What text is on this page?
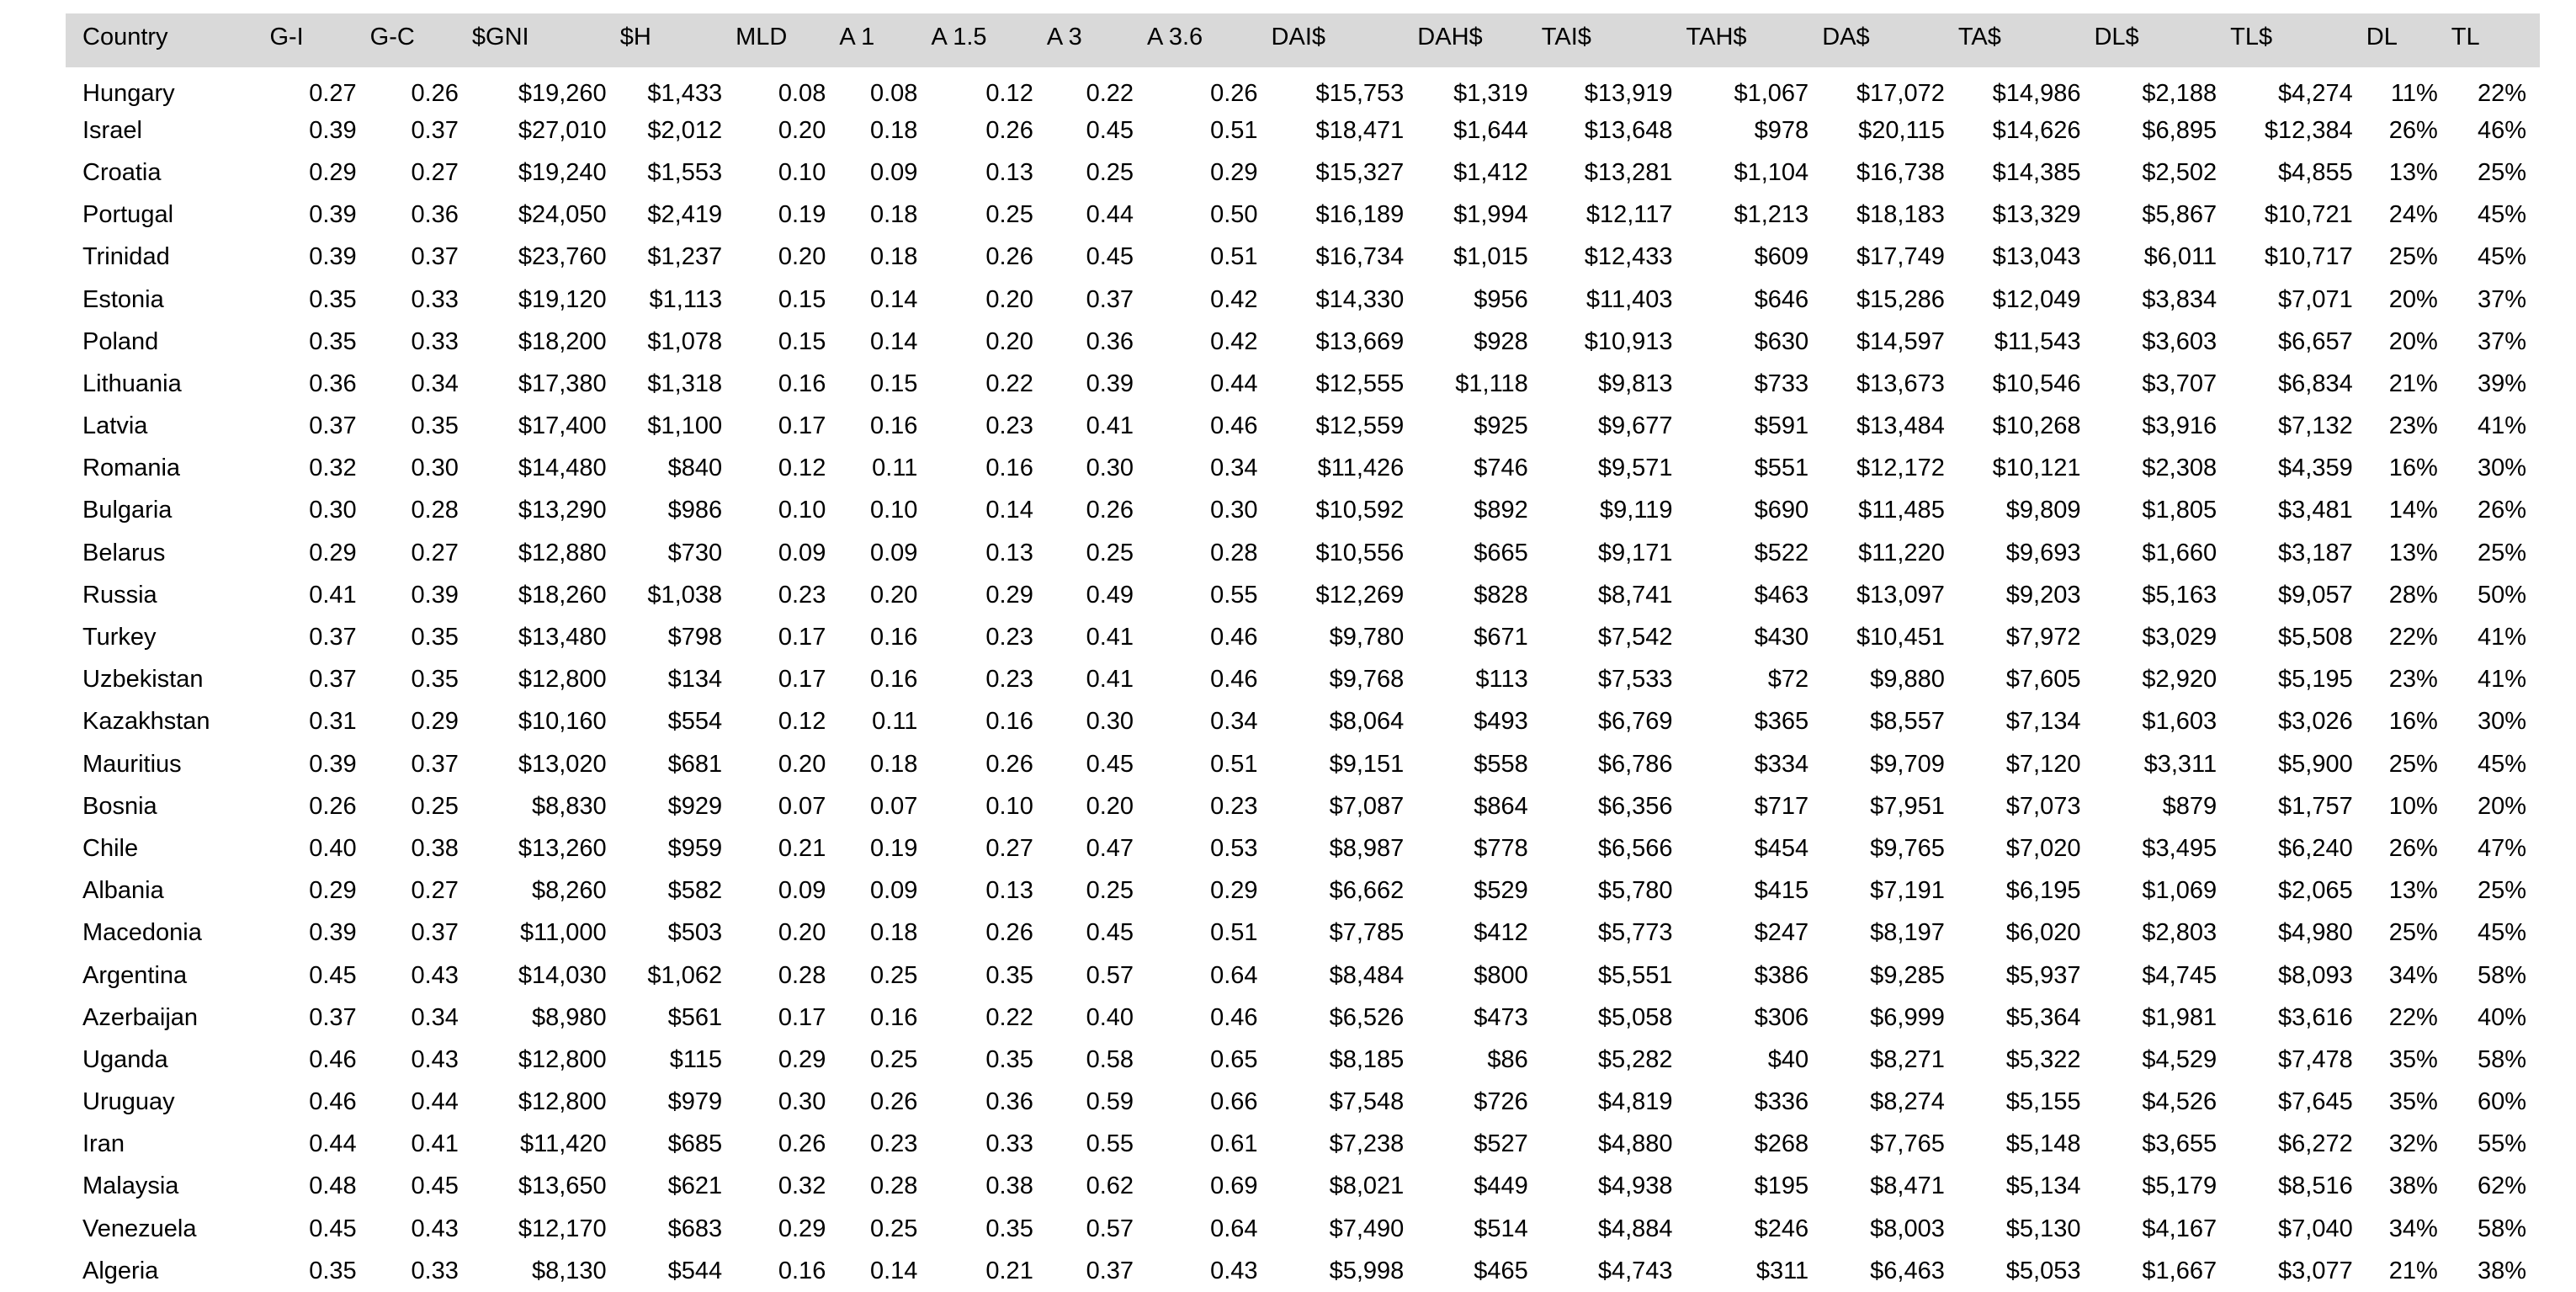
Country	G-I	G-C	$GNI	$H	MLD	A 1	A 1.5	A 3	A 3.6	DAI$	DAH$	TAI$	TAH$	DA$	TA$	DL$	TL$	DL	TL
Hungary	0.27	0.26	$19,260	$1,433	0.08	0.08	0.12	0.22	0.26	$15,753	$1,319	$13,919	$1,067	$17,072	$14,986	$2,188	$4,274	11%	22%
Israel	0.39	0.37	$27,010	$2,012	0.20	0.18	0.26	0.45	0.51	$18,471	$1,644	$13,648	$978	$20,115	$14,626	$6,895	$12,384	26%	46%
Croatia	0.29	0.27	$19,240	$1,553	0.10	0.09	0.13	0.25	0.29	$15,327	$1,412	$13,281	$1,104	$16,738	$14,385	$2,502	$4,855	13%	25%
Portugal	0.39	0.36	$24,050	$2,419	0.19	0.18	0.25	0.44	0.50	$16,189	$1,994	$12,117	$1,213	$18,183	$13,329	$5,867	$10,721	24%	45%
Trinidad	0.39	0.37	$23,760	$1,237	0.20	0.18	0.26	0.45	0.51	$16,734	$1,015	$12,433	$609	$17,749	$13,043	$6,011	$10,717	25%	45%
Estonia	0.35	0.33	$19,120	$1,113	0.15	0.14	0.20	0.37	0.42	$14,330	$956	$11,403	$646	$15,286	$12,049	$3,834	$7,071	20%	37%
Poland	0.35	0.33	$18,200	$1,078	0.15	0.14	0.20	0.36	0.42	$13,669	$928	$10,913	$630	$14,597	$11,543	$3,603	$6,657	20%	37%
Lithuania	0.36	0.34	$17,380	$1,318	0.16	0.15	0.22	0.39	0.44	$12,555	$1,118	$9,813	$733	$13,673	$10,546	$3,707	$6,834	21%	39%
Latvia	0.37	0.35	$17,400	$1,100	0.17	0.16	0.23	0.41	0.46	$12,559	$925	$9,677	$591	$13,484	$10,268	$3,916	$7,132	23%	41%
Romania	0.32	0.30	$14,480	$840	0.12	0.11	0.16	0.30	0.34	$11,426	$746	$9,571	$551	$12,172	$10,121	$2,308	$4,359	16%	30%
Bulgaria	0.30	0.28	$13,290	$986	0.10	0.10	0.14	0.26	0.30	$10,592	$892	$9,119	$690	$11,485	$9,809	$1,805	$3,481	14%	26%
Belarus	0.29	0.27	$12,880	$730	0.09	0.09	0.13	0.25	0.28	$10,556	$665	$9,171	$522	$11,220	$9,693	$1,660	$3,187	13%	25%
Russia	0.41	0.39	$18,260	$1,038	0.23	0.20	0.29	0.49	0.55	$12,269	$828	$8,741	$463	$13,097	$9,203	$5,163	$9,057	28%	50%
Turkey	0.37	0.35	$13,480	$798	0.17	0.16	0.23	0.41	0.46	$9,780	$671	$7,542	$430	$10,451	$7,972	$3,029	$5,508	22%	41%
Uzbekistan	0.37	0.35	$12,800	$134	0.17	0.16	0.23	0.41	0.46	$9,768	$113	$7,533	$72	$9,880	$7,605	$2,920	$5,195	23%	41%
Kazakhstan	0.31	0.29	$10,160	$554	0.12	0.11	0.16	0.30	0.34	$8,064	$493	$6,769	$365	$8,557	$7,134	$1,603	$3,026	16%	30%
Mauritius	0.39	0.37	$13,020	$681	0.20	0.18	0.26	0.45	0.51	$9,151	$558	$6,786	$334	$9,709	$7,120	$3,311	$5,900	25%	45%
Bosnia	0.26	0.25	$8,830	$929	0.07	0.07	0.10	0.20	0.23	$7,087	$864	$6,356	$717	$7,951	$7,073	$879	$1,757	10%	20%
Chile	0.40	0.38	$13,260	$959	0.21	0.19	0.27	0.47	0.53	$8,987	$778	$6,566	$454	$9,765	$7,020	$3,495	$6,240	26%	47%
Albania	0.29	0.27	$8,260	$582	0.09	0.09	0.13	0.25	0.29	$6,662	$529	$5,780	$415	$7,191	$6,195	$1,069	$2,065	13%	25%
Macedonia	0.39	0.37	$11,000	$503	0.20	0.18	0.26	0.45	0.51	$7,785	$412	$5,773	$247	$8,197	$6,020	$2,803	$4,980	25%	45%
Argentina	0.45	0.43	$14,030	$1,062	0.28	0.25	0.35	0.57	0.64	$8,484	$800	$5,551	$386	$9,285	$5,937	$4,745	$8,093	34%	58%
Azerbaijan	0.37	0.34	$8,980	$561	0.17	0.16	0.22	0.40	0.46	$6,526	$473	$5,058	$306	$6,999	$5,364	$1,981	$3,616	22%	40%
Uganda	0.46	0.43	$12,800	$115	0.29	0.25	0.35	0.58	0.65	$8,185	$86	$5,282	$40	$8,271	$5,322	$4,529	$7,478	35%	58%
Uruguay	0.46	0.44	$12,800	$979	0.30	0.26	0.36	0.59	0.66	$7,548	$726	$4,819	$336	$8,274	$5,155	$4,526	$7,645	35%	60%
Iran	0.44	0.41	$11,420	$685	0.26	0.23	0.33	0.55	0.61	$7,238	$527	$4,880	$268	$7,765	$5,148	$3,655	$6,272	32%	55%
Malaysia	0.48	0.45	$13,650	$621	0.32	0.28	0.38	0.62	0.69	$8,021	$449	$4,938	$195	$8,471	$5,134	$5,179	$8,516	38%	62%
Venezuela	0.45	0.43	$12,170	$683	0.29	0.25	0.35	0.57	0.64	$7,490	$514	$4,884	$246	$8,003	$5,130	$4,167	$7,040	34%	58%
Algeria	0.35	0.33	$8,130	$544	0.16	0.14	0.21	0.37	0.43	$5,998	$465	$4,743	$311	$6,463	$5,053	$1,667	$3,077	21%	38%
